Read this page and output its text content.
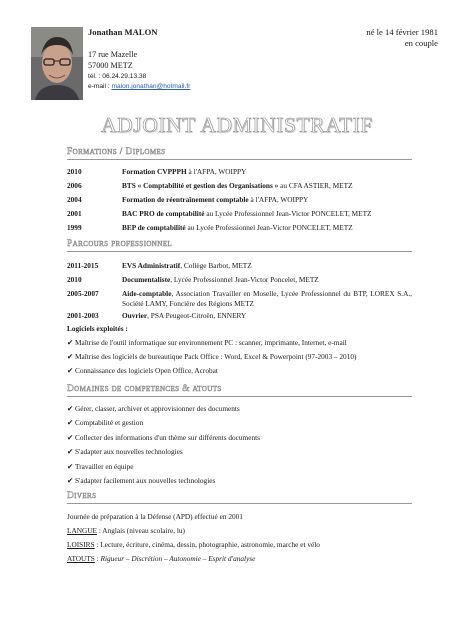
Jonathan MALON	né le 14 février 1981
en couple
17 rue Mazelle
57000 METZ
tél. : 06.24.29.13.38
e-mail : malon.jonathan@hotmail.fr
ADJOINT ADMINISTRATIF
Formations / Diplomes
2010	Formation CVPPPH à l'AFPA, WOIPPY
2006	BTS « Comptabilité et gestion des Organisations » au CFA ASTIER, METZ
2004	Formation de réentraînement comptable à l'AFPA, WOIPPY
2001	BAC PRO de comptabilité au Lycée Professionnel Jean-Victor PONCELET, METZ
1999	BEP de comptabilité au Lycée Professionnel Jean-Victor PONCELET, METZ
Parcours professionnel
2011-2015	EVS Administratif, Collège Barbot, METZ
2010	Documentaliste, Lycée Professionnel Jean-Victor Poncelet, METZ
2005-2007	Aide-comptable, Association Travailler en Moselle, Lycée Professionnel du BTP, LOREX S.A., Société LAMY, Foncière des Régions METZ
2001-2003	Ouvrier, PSA Peugeot-Citroën, ENNERY
Logiciels exploités :
✔ Maîtrise de l'outil informatique sur environnement PC : scanner, imprimante, Internet, e-mail
✔ Maîtrise des logiciels de bureautique Pack Office : Word, Excel & Powerpoint (97-2003 – 2010)
✔ Connaissance des logiciels Open Office, Acrobat
Domaines de competences & atouts
✔ Gérer, classer, archiver et approvisionner des documents
✔ Comptabilité et gestion
✔ Collecter des informations d'un thème sur différents documents
✔ S'adapter aux nouvelles technologies
✔ Travailler en équipe
✔ S'adapter facilement aux nouvelles technologies
Divers
Journée de préparation à la Défense (APD) effectué en 2001
LANGUE : Anglais (niveau scolaire, lu)
LOISIRS : Lecture, écriture, cinéma, dessin, photographie, astronomie, marche et vélo
ATOUTS : Rigueur – Discrétion – Autonomie – Esprit d'analyse
